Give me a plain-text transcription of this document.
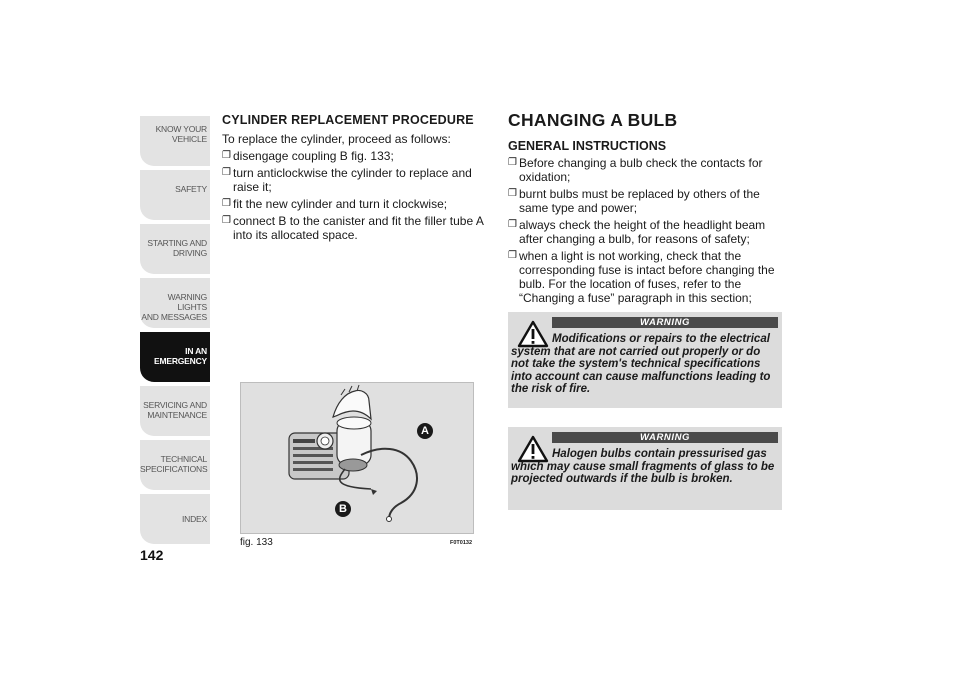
KNOW YOUR
VEHICLE
SAFETY
STARTING AND
DRIVING
WARNING LIGHTS
AND MESSAGES
IN AN
EMERGENCY
SERVICING AND
MAINTENANCE
TECHNICAL
SPECIFICATIONS
INDEX
142
CYLINDER REPLACEMENT PROCEDURE
To replace the cylinder, proceed as follows:
❐ disengage coupling B fig. 133;
❐ turn anticlockwise the cylinder to replace and raise it;
❐ fit the new cylinder and turn it clockwise;
❐ connect B to the canister and fit the filler tube A into its allocated space.
A
B
fig. 133	F0T0132
CHANGING A BULB
GENERAL INSTRUCTIONS
❐ Before changing a bulb check the contacts for oxidation;
❐ burnt bulbs must be replaced by others of the same type and power;
❐ always check the height of the headlight beam after changing a bulb, for reasons of safety;
❐ when a light is not working, check that the corresponding fuse is intact before changing the bulb. For the location of fuses, refer to the “Changing a fuse” paragraph in this section;
WARNING
Modifications or repairs to the electrical system that are not carried out properly or do not take the system's technical specifications into account can cause malfunctions leading to the risk of fire.
WARNING
Halogen bulbs contain pressurised gas which may cause small fragments of glass to be projected outwards if the bulb is broken.
